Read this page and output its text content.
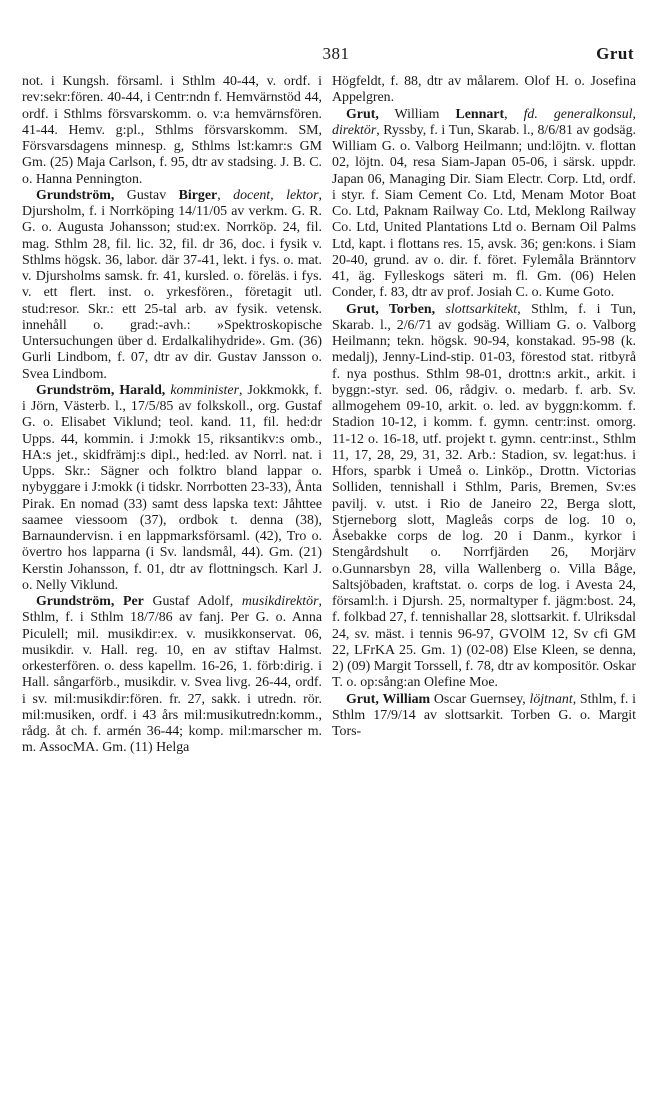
381	Grut

not. i Kungsh. församl. i Sthlm 40-44, v. ordf. i rev:sekr:fören. 40-44, i Centr:ndn f. Hemvärnstöd 44, ordf. i Sthlms försvarskomm. o. v:a hemvärnsfören. 41-44. Hemv. g:pl., Sthlms försvarskomm. SM, Försvarsdagens minnesp. g, Sthlms lst:kamr:s GM Gm. (25) Maja Carlson, f. 95, dtr av stadsing. J. B. C. o. Hanna Pennington.

Grundström, Gustav Birger, docent, lektor, Djursholm, f. i Norrköping 14/11/05 av verkm. G. R. G. o. Augusta Johansson; stud:ex. Norrköp. 24, fil. mag. Sthlm 28, fil. lic. 32, fil. dr 36, doc. i fysik v. Sthlms högsk. 36, labor. där 37-41, lekt. i fys. o. mat. v. Djursholms samsk. fr. 41, kursled. o. föreläs. i fys. v. ett flert. inst. o. yrkesfören., företagit utl. stud:resor. Skr.: ett 25-tal arb. av fysik. vetensk. innehåll o. grad:-avh.: »Spektroskopische Untersuchungen über d. Erdalkalihydride». Gm. (36) Gurli Lindbom, f. 07, dtr av dir. Gustav Jansson o. Svea Lindbom.

Grundström, Harald, komminister, Jokkmokk, f. i Jörn, Västerb. l., 17/5/85 av folkskoll., org. Gustaf G. o. Elisabet Viklund; teol. kand. 11, fil. hed:dr Upps. 44, kommin. i J:mokk 15, riksantikv:s omb., HA:s jet., skidfrämj:s dipl., hed:led. av Norrl. nat. i Upps. Skr.: Sägner och folktro bland lappar o. nybyggare i J:mokk (i tidskr. Norrbotten 23-33), Ånta Pirak. En nomad (33) samt dess lapska text: Jåhttee saamee viessoom (37), ordbok t. denna (38), Barnaundervisn. i en lappmarksförsaml. (42), Tro o. övertro hos lapparna (i Sv. landsmål, 44). Gm. (21) Kerstin Johansson, f. 01, dtr av flottningsch. Karl J. o. Nelly Viklund.

Grundström, Per Gustaf Adolf, musikdirektör, Sthlm, f. i Sthlm 18/7/86 av fanj. Per G. o. Anna Piculell; mil. musikdir:ex. v. musikkonservat. 06, musikdir. v. Hall. reg. 10, en av stiftav Halmst. orkesterfören. o. dess kapellm. 16-26, 1. förb:dirig. i Hall. sångarförb., musikdir. v. Svea livg. 26-44, ordf. i sv. mil:musikdir:fören. fr. 27, sakk. i utredn. rör. mil:musiken, ordf. i 43 års mil:musikutredn:komm., rådg. åt ch. f. armén 36-44; komp. mil:marscher m. m. AssocMA. Gm. (11) Helga

Högfeldt, f. 88, dtr av målarem. Olof H. o. Josefina Appelgren.

Grut, William Lennart, fd. generalkonsul, direktör, Ryssby, f. i Tun, Skarab. l., 8/6/81 av godsäg. William G. o. Valborg Heilmann; und:löjtn. v. flottan 02, löjtn. 04, resa Siam-Japan 05-06, i särsk. uppdr. Japan 06, Managing Dir. Siam Electr. Corp. Ltd, ordf. i styr. f. Siam Cement Co. Ltd, Menam Motor Boat Co. Ltd, Paknam Railway Co. Ltd, Meklong Railway Co. Ltd, United Plantations Ltd o. Bernam Oil Palms Ltd, kapt. i flottans res. 15, avsk. 36; gen:kons. i Siam 20-40, grund. av o. dir. f. föret. Fylemåla Bränntorv 41, äg. Fylleskogs säteri m. fl. Gm. (06) Helen Conder, f. 83, dtr av prof. Josiah C. o. Kume Goto.

Grut, Torben, slottsarkitekt, Sthlm, f. i Tun, Skarab. l., 2/6/71 av godsäg. William G. o. Valborg Heilmann; tekn. högsk. 90-94, konstakad. 95-98 (k. medalj), Jenny-Lind-stip. 01-03, förestod stat. ritbyrå f. nya posthus. Sthlm 98-01, drottn:s arkit., arkit. i byggn:-styr. sed. 06, rådgiv. o. medarb. f. arb. Sv. allmogehem 09-10, arkit. o. led. av byggn:komm. f. Stadion 10-12, i komm. f. gymn. centr:inst. omorg. 11-12 o. 16-18, utf. projekt t. gymn. centr:inst., Sthlm 11, 17, 28, 29, 31, 32. Arb.: Stadion, sv. legat:hus. i Hfors, sparbk i Umeå o. Linköp., Drottn. Victorias Solliden, tennishall i Sthlm, Paris, Bremen, Sv:es pavilj. v. utst. i Rio de Janeiro 22, Berga slott, Stjerneborg slott, Magleås corps de log. 10 o, Åsebakke corps de log. 20 i Danm., kyrkor i Stengårdshult o. Norrfjärden 26, Morjärv o.Gunnarsbyn 28, villa Wallenberg o. Villa Båge, Saltsjöbaden, kraftstat. o. corps de log. i Avesta 24, församl:h. i Djursh. 25, normaltyper f. jägm:bost. 24, f. folkbad 27, f. tennishallar 28, slottsarkit. f. Ulriksdal 24, sv. mäst. i tennis 96-97, GVOlM 12, Sv cfi GM 22, LFrKA 25. Gm. 1) (02-08) Else Kleen, se denna, 2) (09) Margit Torssell, f. 78, dtr av kompositör. Oskar T. o. op:sång:an Olefine Moe.

Grut, William Oscar Guernsey, löjtnant, Sthlm, f. i Sthlm 17/9/14 av slottsarkit. Torben G. o. Margit Tors-
